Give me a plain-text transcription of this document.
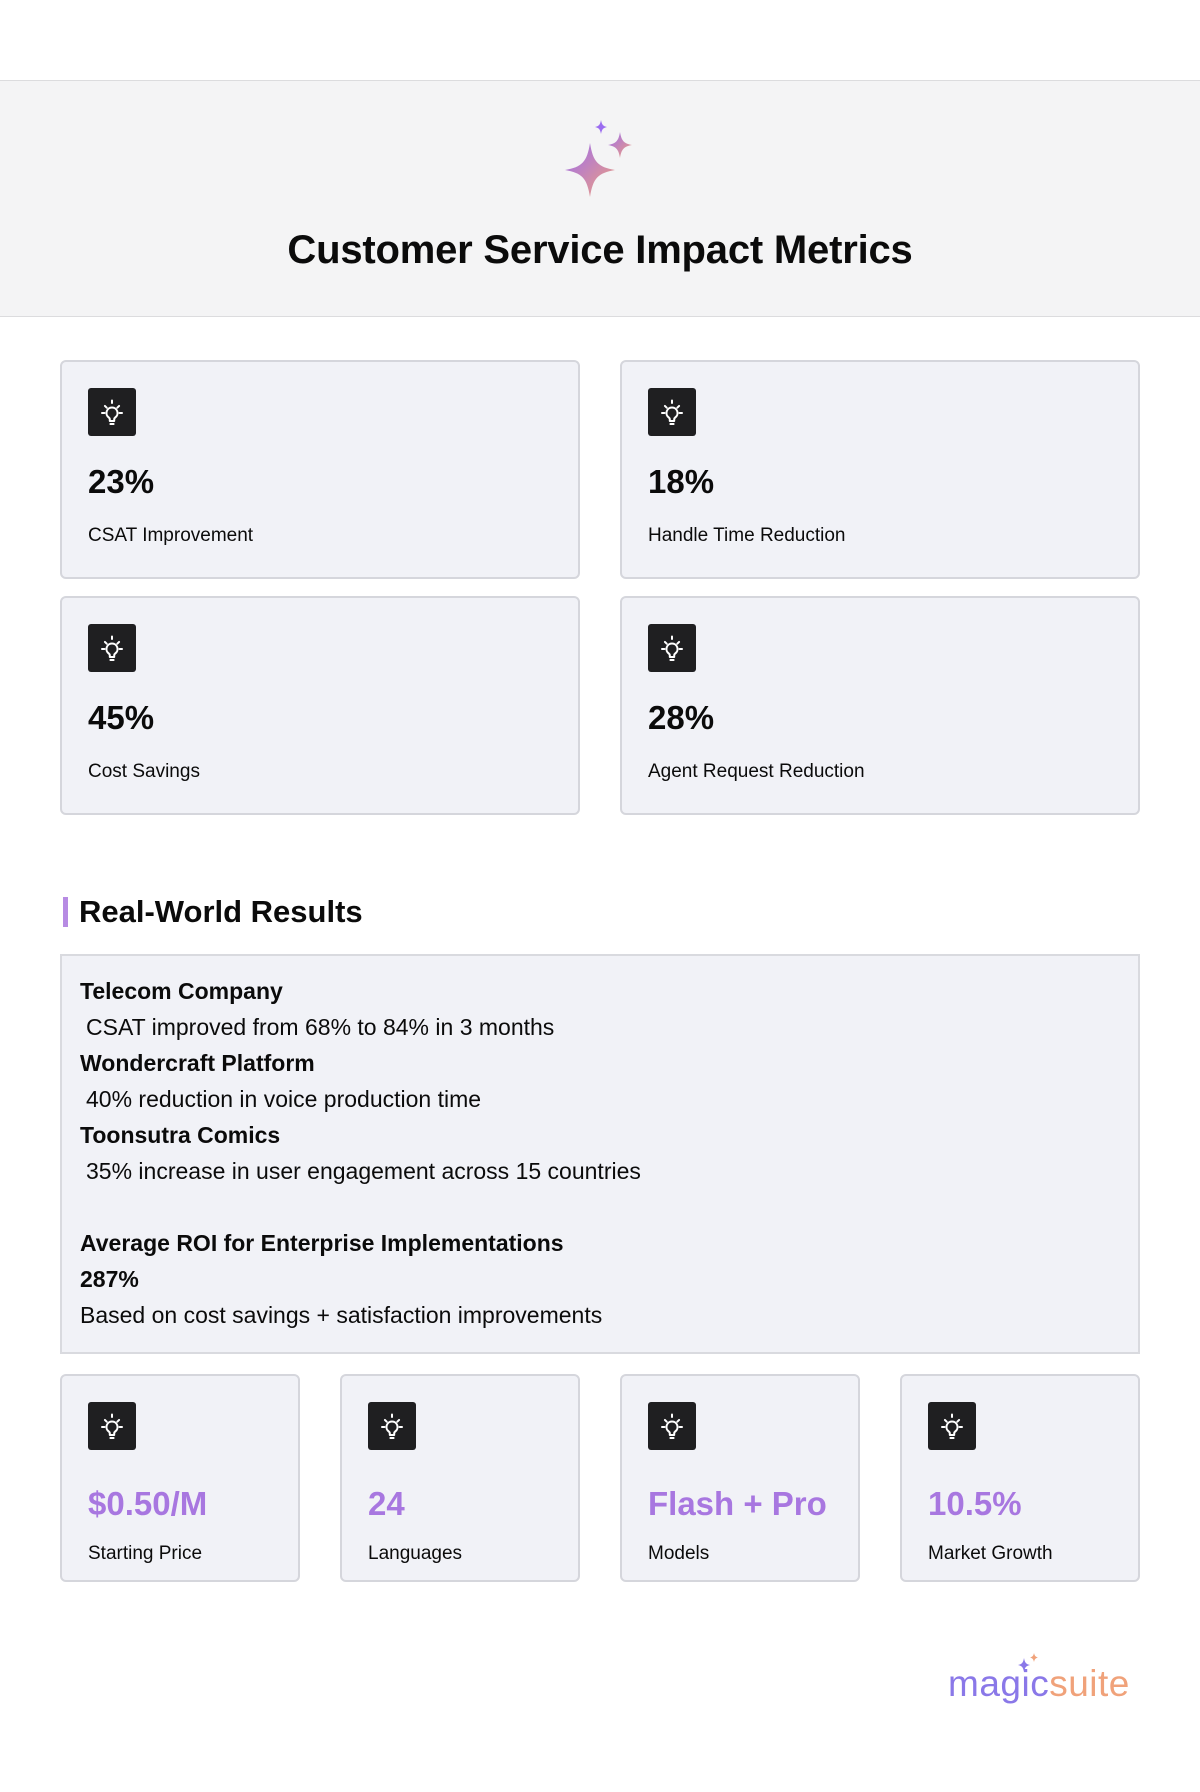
Customer Service Impact Metrics
23%
CSAT Improvement
18%
Handle Time Reduction
45%
Cost Savings
28%
Agent Request Reduction
Real-World Results
Telecom Company
CSAT improved from 68% to 84% in 3 months
Wondercraft Platform
40% reduction in voice production time
Toonsutra Comics
35% increase in user engagement across 15 countries
Average ROI for Enterprise Implementations
287%
Based on cost savings + satisfaction improvements
$0.50/M
Starting Price
24
Languages
Flash + Pro
Models
10.5%
Market Growth
magicsuite
